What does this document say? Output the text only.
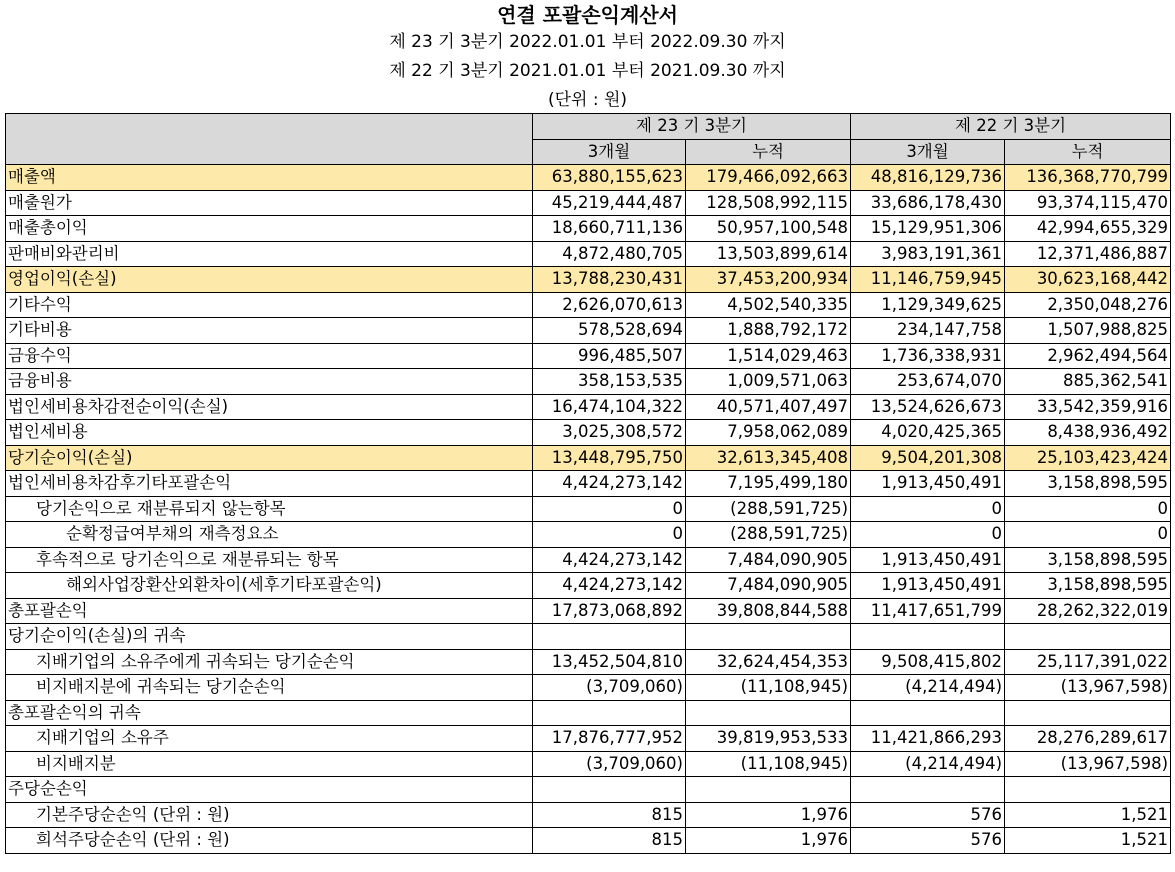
연결 포괄손익계산서
제 23 기 3분기 2022.01.01 부터 2022.09.30 까지
제 22 기 3분기 2021.01.01 부터 2021.09.30 까지
(단위 : 원)
	제 23 기 3분기		제 22 기 3분기	
	3개월	누적	3개월	누적
매출액	63,880,155,623	179,466,092,663	48,816,129,736	136,368,770,799
매출원가	45,219,444,487	128,508,992,115	33,686,178,430	93,374,115,470
매출총이익	18,660,711,136	50,957,100,548	15,129,951,306	42,994,655,329
판매비와관리비	4,872,480,705	13,503,899,614	3,983,191,361	12,371,486,887
영업이익(손실)	13,788,230,431	37,453,200,934	11,146,759,945	30,623,168,442
기타수익	2,626,070,613	4,502,540,335	1,129,349,625	2,350,048,276
기타비용	578,528,694	1,888,792,172	234,147,758	1,507,988,825
금융수익	996,485,507	1,514,029,463	1,736,338,931	2,962,494,564
금융비용	358,153,535	1,009,571,063	253,674,070	885,362,541
법인세비용차감전순이익(손실)	16,474,104,322	40,571,407,497	13,524,626,673	33,542,359,916
법인세비용	3,025,308,572	7,958,062,089	4,020,425,365	8,438,936,492
당기순이익(손실)	13,448,795,750	32,613,345,408	9,504,201,308	25,103,423,424
법인세비용차감후기타포괄손익	4,424,273,142	7,195,499,180	1,913,450,491	3,158,898,595
당기손익으로 재분류되지 않는항목	0	(288,591,725)	0	0
순확정급여부채의 재측정요소	0	(288,591,725)	0	0
후속적으로 당기손익으로 재분류되는 항목	4,424,273,142	7,484,090,905	1,913,450,491	3,158,898,595
해외사업장환산외환차이(세후기타포괄손익)	4,424,273,142	7,484,090,905	1,913,450,491	3,158,898,595
총포괄손익	17,873,068,892	39,808,844,588	11,417,651,799	28,262,322,019
당기순이익(손실)의 귀속				
지배기업의 소유주에게 귀속되는 당기순손익	13,452,504,810	32,624,454,353	9,508,415,802	25,117,391,022
비지배지분에 귀속되는 당기순손익	(3,709,060)	(11,108,945)	(4,214,494)	(13,967,598)
총포괄손익의 귀속				
지배기업의 소유주	17,876,777,952	39,819,953,533	11,421,866,293	28,276,289,617
비지배지분	(3,709,060)	(11,108,945)	(4,214,494)	(13,967,598)
주당순손익				
기본주당순손익 (단위 : 원)	815	1,976	576	1,521
희석주당순손익 (단위 : 원)	815	1,976	576	1,521
